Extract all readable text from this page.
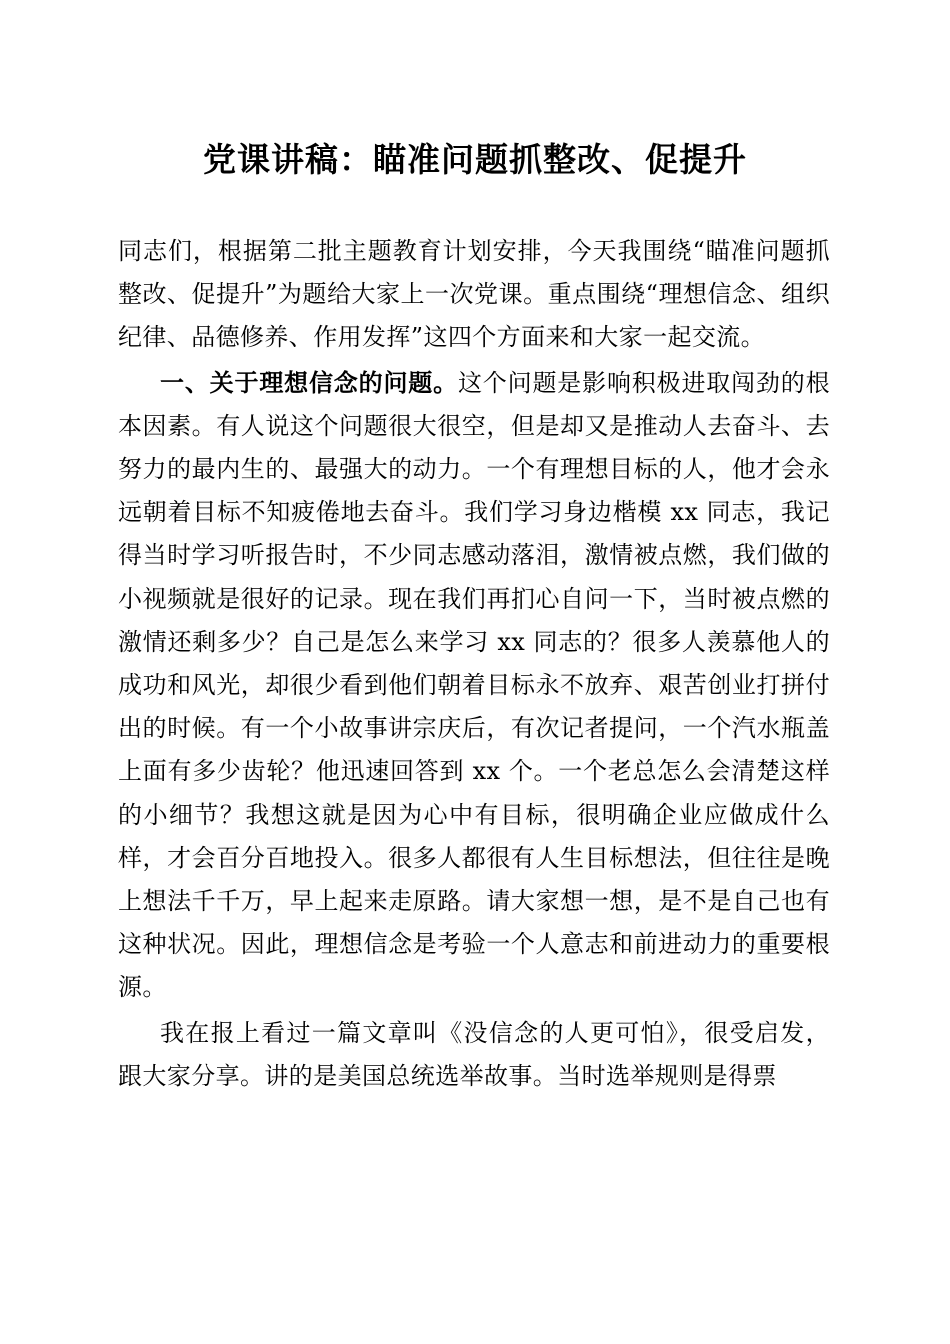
党课讲稿：瞄准问题抓整改、促提升

同志们，根据第二批主题教育计划安排，今天我围绕“瞄准问题抓整改、促提升”为题给大家上一次党课。重点围绕“理想信念、组织纪律、品德修养、作用发挥”这四个方面来和大家一起交流。

一、关于理想信念的问题。这个问题是影响积极进取闯劲的根本因素。有人说这个问题很大很空，但是却又是推动人去奋斗、去努力的最内生的、最强大的动力。一个有理想目标的人，他才会永远朝着目标不知疲倦地去奋斗。我们学习身边楷模 xx 同志，我记得当时学习听报告时，不少同志感动落泪，激情被点燃，我们做的小视频就是很好的记录。现在我们再扪心自问一下，当时被点燃的激情还剩多少？自己是怎么来学习 xx 同志的？很多人羡慕他人的成功和风光，却很少看到他们朝着目标永不放弃、艰苦创业打拼付出的时候。有一个小故事讲宗庆后，有次记者提问，一个汽水瓶盖上面有多少齿轮？他迅速回答到 xx 个。一个老总怎么会清楚这样的小细节？我想这就是因为心中有目标，很明确企业应做成什么样，才会百分百地投入。很多人都很有人生目标想法，但往往是晚上想法千千万，早上起来走原路。请大家想一想，是不是自己也有这种状况。因此，理想信念是考验一个人意志和前进动力的重要根源。

我在报上看过一篇文章叫《没信念的人更可怕》，很受启发，跟大家分享。讲的是美国总统选举故事。当时选举规则是得票
